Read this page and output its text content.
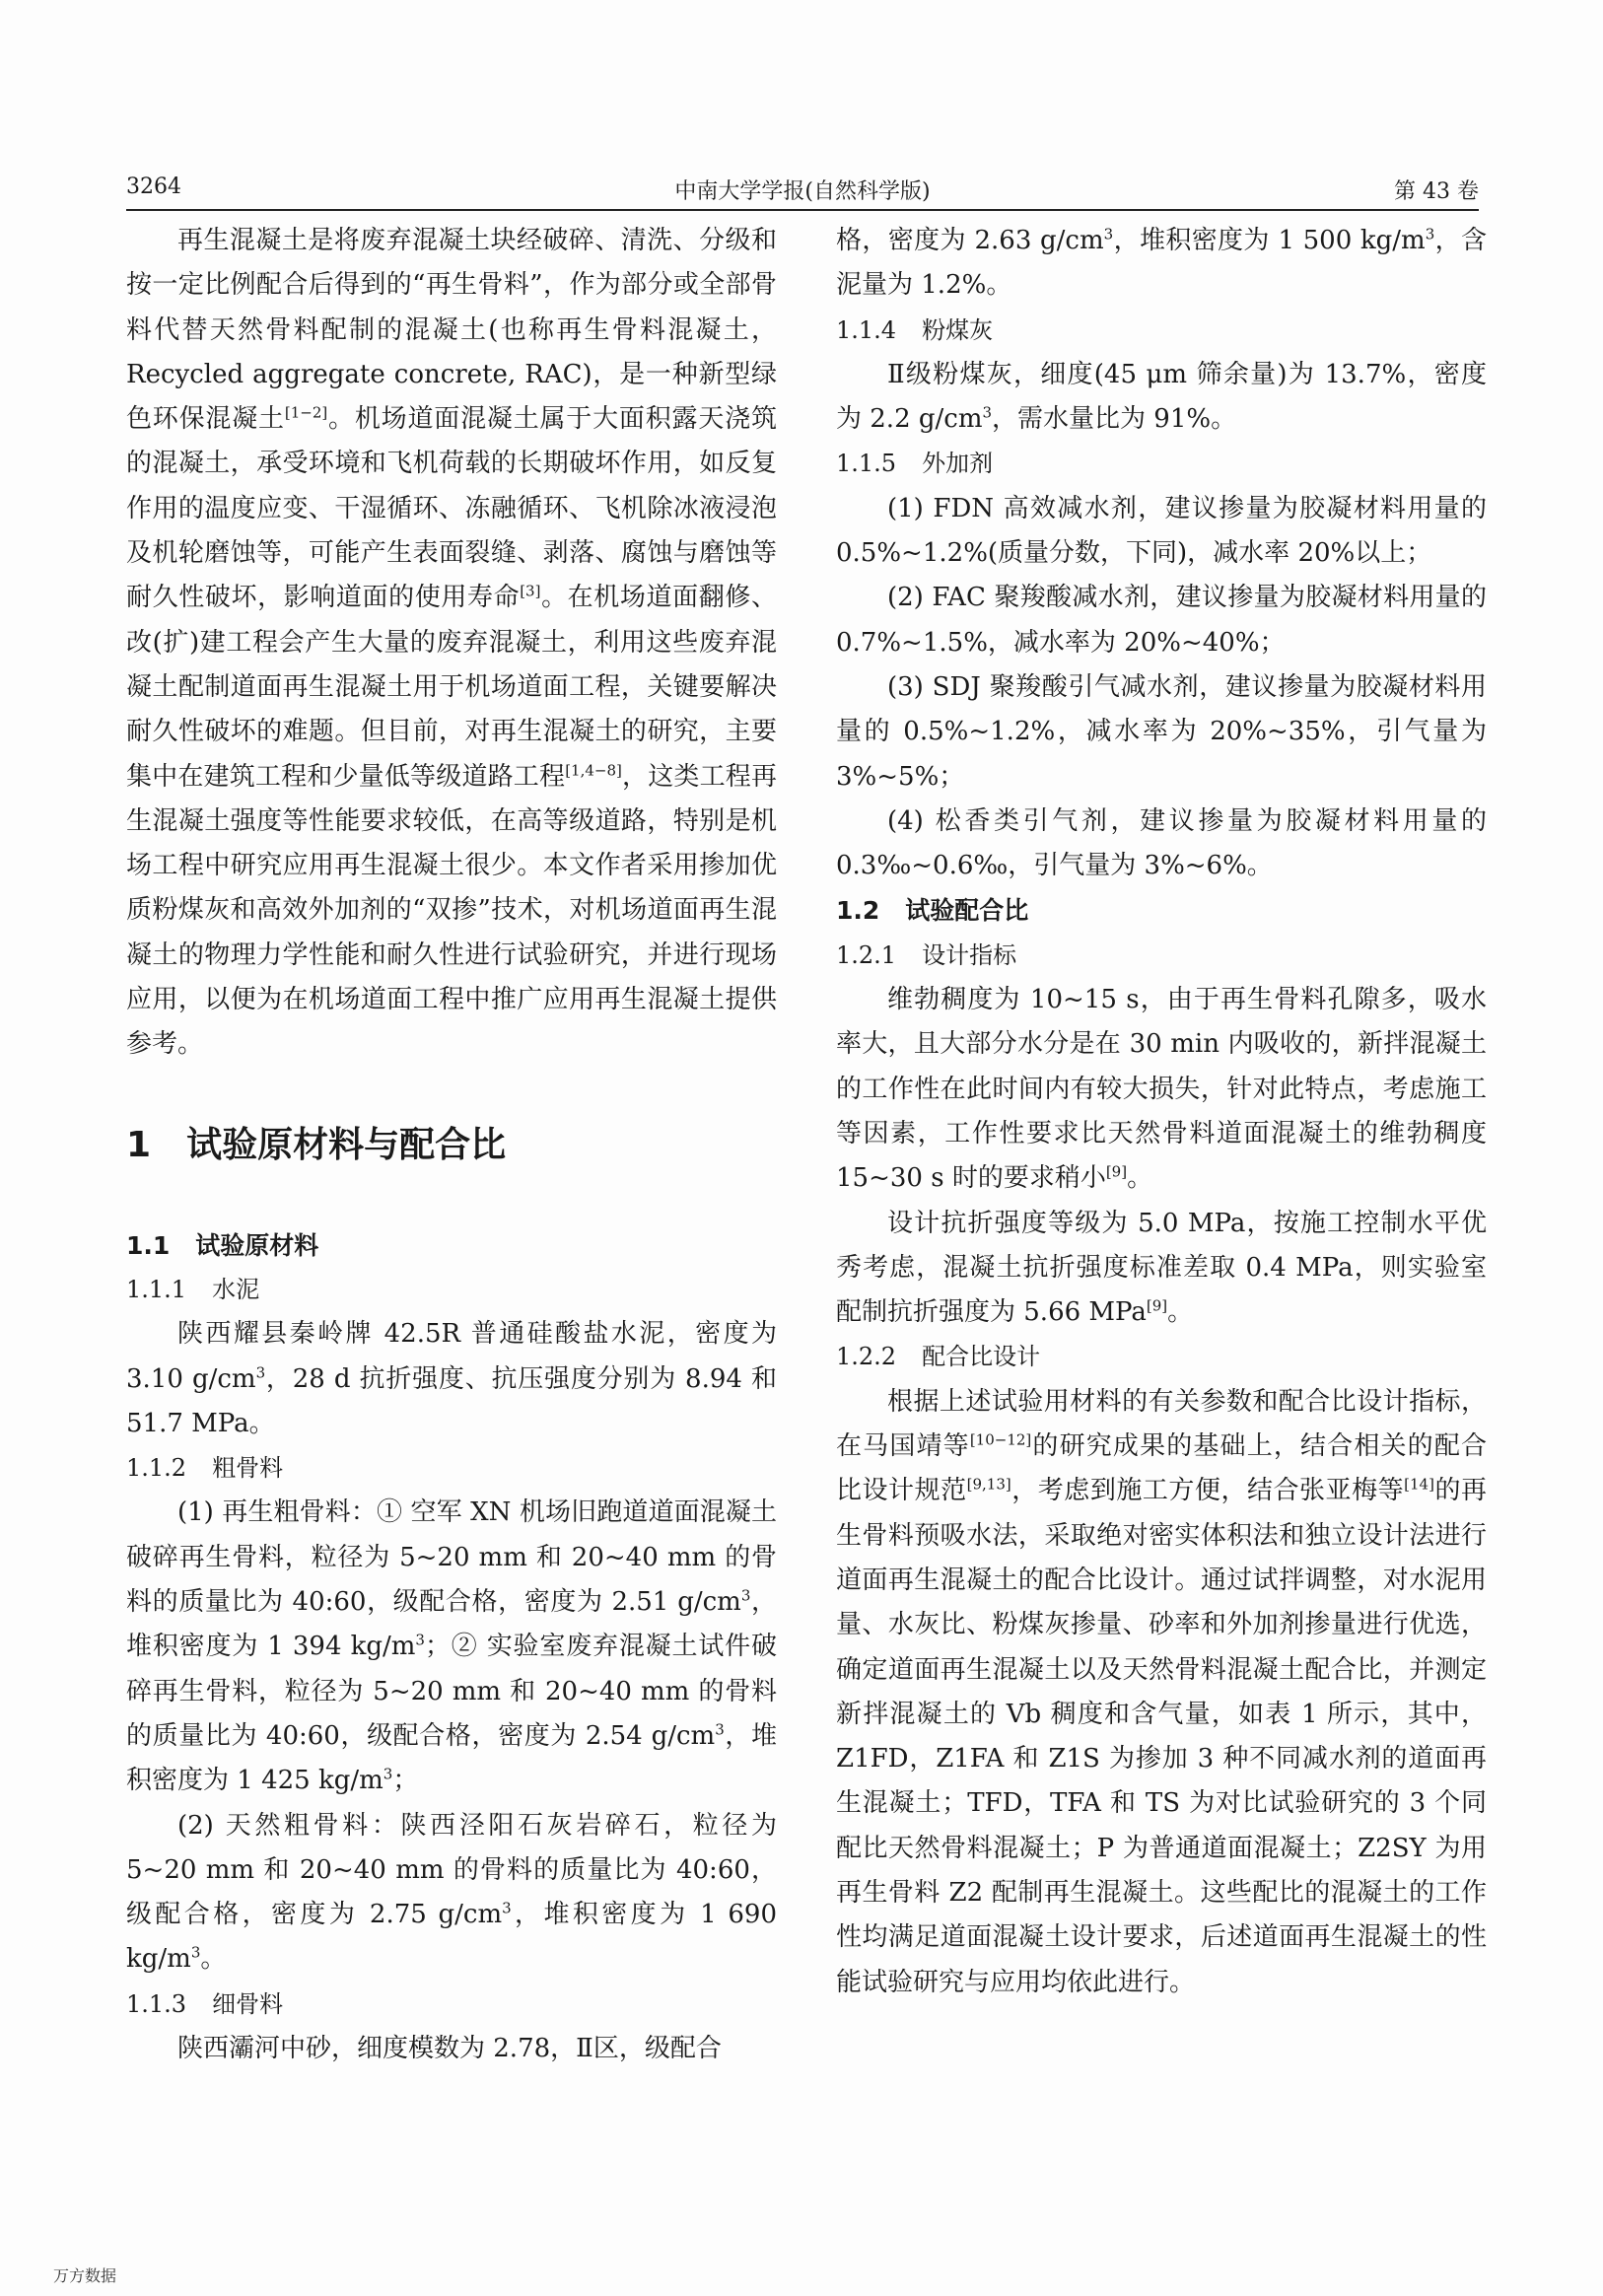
3264	中南大学学报(自然科学版)	第 43 卷

再生混凝土是将废弃混凝土块经破碎、清洗、分级和按一定比例配合后得到的“再生骨料”，作为部分或全部骨料代替天然骨料配制的混凝土(也称再生骨料混凝土，Recycled aggregate concrete, RAC)，是一种新型绿色环保混凝土[1−2]。机场道面混凝土属于大面积露天浇筑的混凝土，承受环境和飞机荷载的长期破坏作用，如反复作用的温度应变、干湿循环、冻融循环、飞机除冰液浸泡及机轮磨蚀等，可能产生表面裂缝、剥落、腐蚀与磨蚀等耐久性破坏，影响道面的使用寿命[3]。在机场道面翻修、改(扩)建工程会产生大量的废弃混凝土，利用这些废弃混凝土配制道面再生混凝土用于机场道面工程，关键要解决耐久性破坏的难题。但目前，对再生混凝土的研究，主要集中在建筑工程和少量低等级道路工程[1,4−8]，这类工程再生混凝土强度等性能要求较低，在高等级道路，特别是机场工程中研究应用再生混凝土很少。本文作者采用掺加优质粉煤灰和高效外加剂的“双掺”技术，对机场道面再生混凝土的物理力学性能和耐久性进行试验研究，并进行现场应用，以便为在机场道面工程中推广应用再生混凝土提供参考。

1 试验原材料与配合比
1.1 试验原材料
1.1.1 水泥

陕西耀县秦岭牌 42.5R 普通硅酸盐水泥，密度为 3.10 $g/cm^3$，28 d 抗折强度、抗压强度分别为 8.94 和 51.7 MPa。

1.1.2 粗骨料

(1) 再生粗骨料：① 空军 XN 机场旧跑道道面混凝土破碎再生骨料，粒径为 5~20 mm 和 20~40 mm 的骨料的质量比为 40:60，级配合格，密度为 2.51 $g/cm^3$，堆积密度为 1 394 $kg/m^3$；② 实验室废弃混凝土试件破碎再生骨料，粒径为 5~20 mm 和 20~40 mm 的骨料的质量比为 40:60，级配合格，密度为 2.54 $g/cm^3$，堆积密度为 1 425 $kg/m^3$；

(2) 天然粗骨料：陕西泾阳石灰岩碎石，粒径为 5~20 mm 和 20~40 mm 的骨料的质量比为 40:60，级配合格，密度为 2.75 $g/cm^3$，堆积密度为 1 690 $kg/m^3$。

1.1.3 细骨料

陕西灞河中砂，细度模数为 2.78，Ⅱ区，级配合

格，密度为 2.63 $g/cm^3$，堆积密度为 1 500 $kg/m^3$，含泥量为 1.2%。

1.1.4 粉煤灰

Ⅱ级粉煤灰，细度(45 μm 筛余量)为 13.7%，密度为 2.2 $g/cm^3$，需水量比为 91%。

1.1.5 外加剂

(1) FDN 高效减水剂，建议掺量为胶凝材料用量的 0.5%~1.2%(质量分数，下同)，减水率 20%以上；

(2) FAC 聚羧酸减水剂，建议掺量为胶凝材料用量的 0.7%~1.5%，减水率为 20%~40%；

(3) SDJ 聚羧酸引气减水剂，建议掺量为胶凝材料用量的 0.5%~1.2%，减水率为 20%~35%，引气量为 3%~5%；

(4) 松香类引气剂，建议掺量为胶凝材料用量的 0.3‰~0.6‰，引气量为 3%~6%。

1.2 试验配合比
1.2.1 设计指标

维勃稠度为 10~15 s，由于再生骨料孔隙多，吸水率大，且大部分水分是在 30 min 内吸收的，新拌混凝土的工作性在此时间内有较大损失，针对此特点，考虑施工等因素，工作性要求比天然骨料道面混凝土的维勃稠度 15~30 s 时的要求稍小[9]。

设计抗折强度等级为 5.0 MPa，按施工控制水平优秀考虑，混凝土抗折强度标准差取 0.4 MPa，则实验室配制抗折强度为 5.66 MPa[9]。

1.2.2 配合比设计

根据上述试验用材料的有关参数和配合比设计指标，在马国靖等[10−12]的研究成果的基础上，结合相关的配合比设计规范[9,13]，考虑到施工方便，结合张亚梅等[14]的再生骨料预吸水法，采取绝对密实体积法和独立设计法进行道面再生混凝土的配合比设计。通过试拌调整，对水泥用量、水灰比、粉煤灰掺量、砂率和外加剂掺量进行优选，确定道面再生混凝土以及天然骨料混凝土配合比，并测定新拌混凝土的 Vb 稠度和含气量，如表 1 所示，其中，Z1FD，Z1FA 和 Z1S 为掺加 3 种不同减水剂的道面再生混凝土；TFD，TFA 和 TS 为对比试验研究的 3 个同配比天然骨料混凝土；P 为普通道面混凝土；Z2SY 为用再生骨料 Z2 配制再生混凝土。这些配比的混凝土的工作性均满足道面混凝土设计要求，后述道面再生混凝土的性能试验研究与应用均依此进行。

万方数据
